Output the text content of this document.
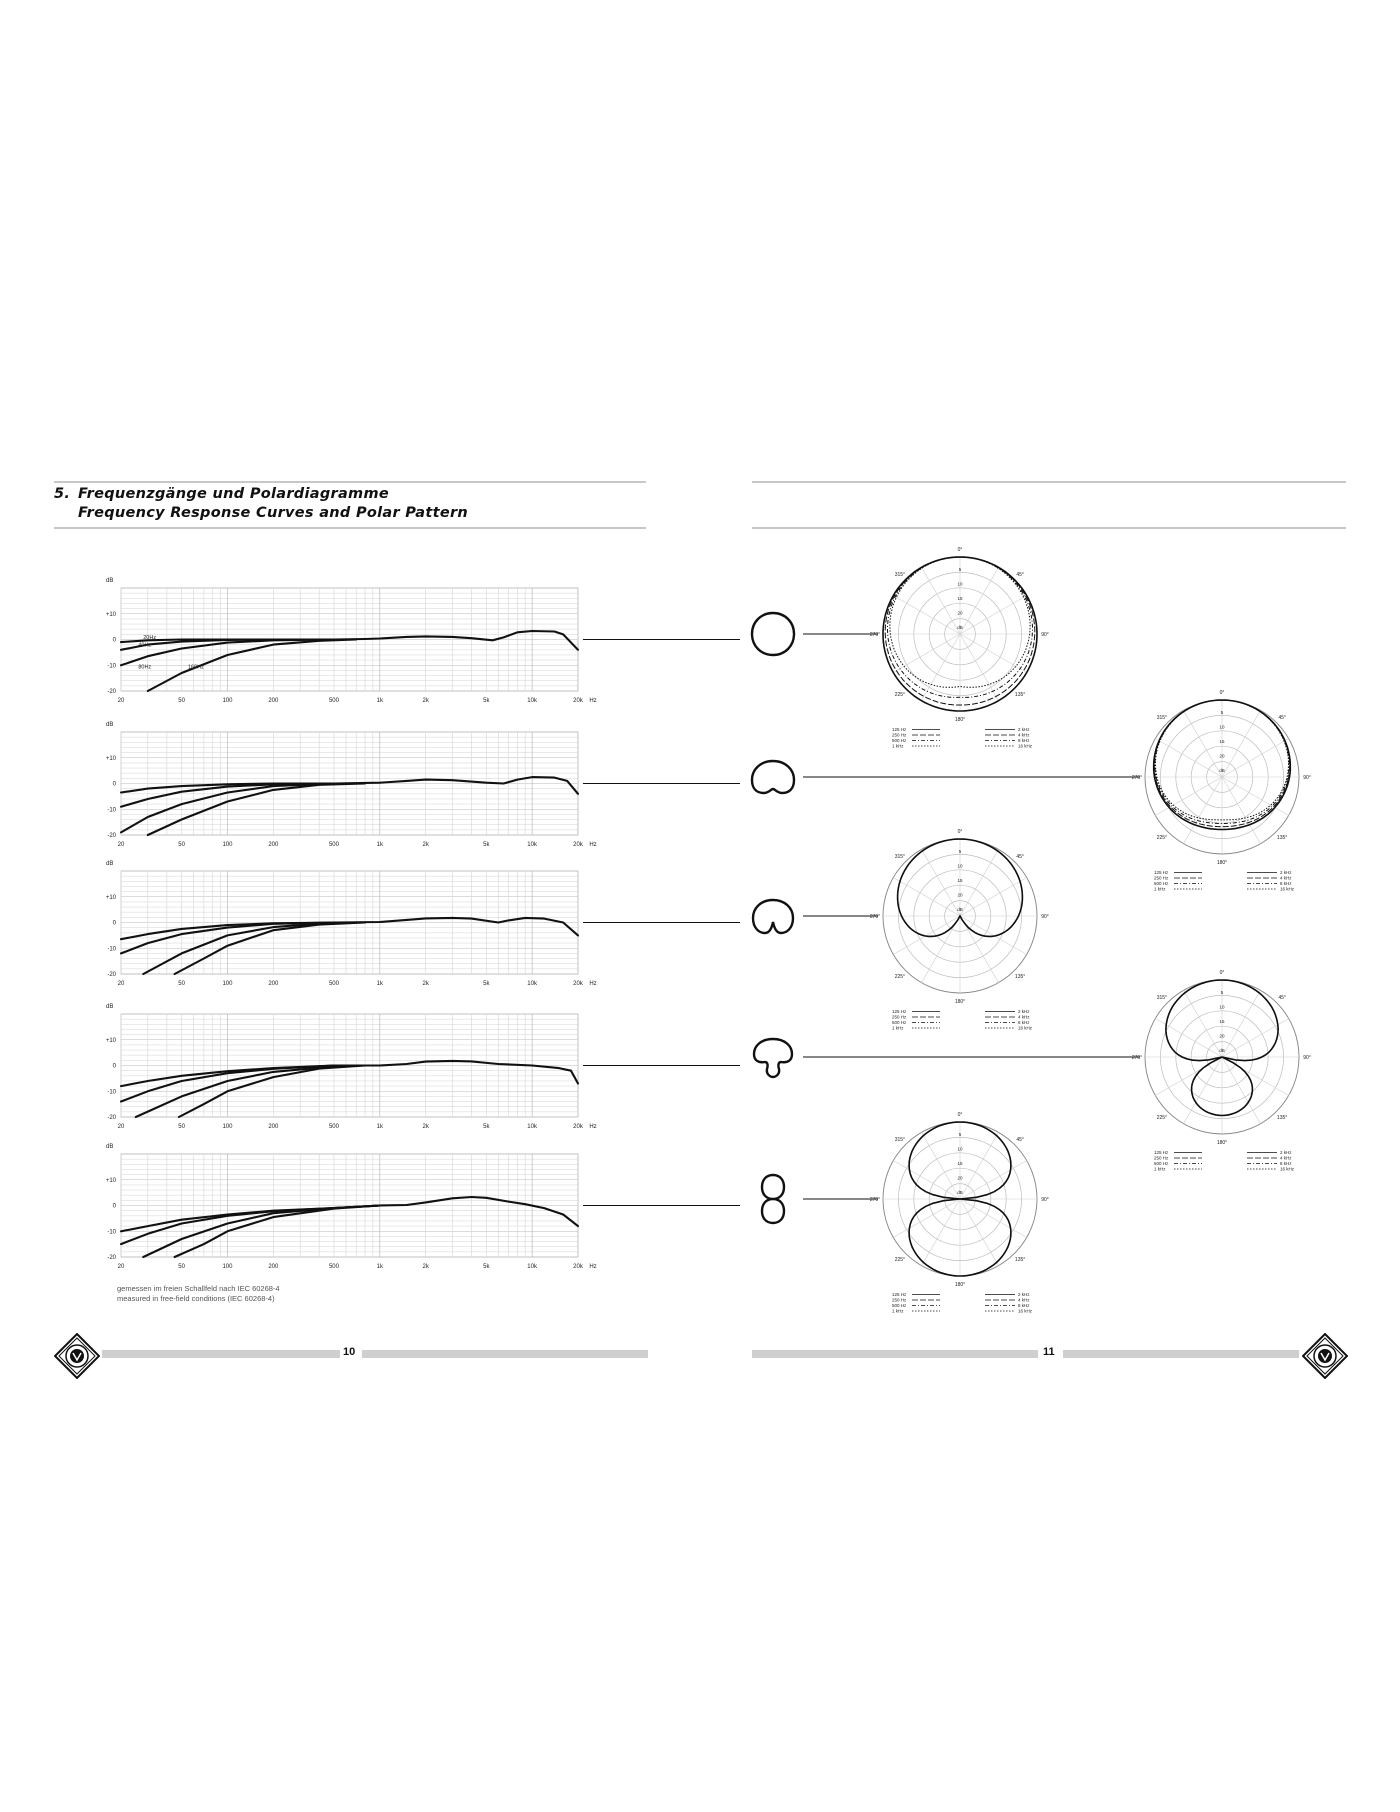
5. Frequenzgänge und Polardiagramme
Frequency Response Curves and Polar Pattern
dB
+10
0
-10
-20
20	50	100	200	500	1k	2k	5k	10k	20k Hz
20Hz
40Hz
80Hz	160Hz
dB
+10
0
-10
-20
20	50	100	200	500	1k	2k	5k	10k	20k Hz
dB
+10
0
-10
-20
20	50	100	200	500	1k	2k	5k	10k	20k Hz
dB
+10
0
-10
-20
20	50	100	200	500	1k	2k	5k	10k	20k Hz
dB
+10
0
-10
-20
20	50	100	200	500	1k	2k	5k	10k	20k Hz
0°
45°
90°
135°
180°
225°
270°
315°
5
10
15
20
dB
125 Hz
250 Hz
500 Hz
1 kHz
2 kHz
4 kHz
8 kHz
16 kHz
0°
45°
90°
135°
180°
225°
270°
315°
5
10
15
20
dB
125 Hz
250 Hz
500 Hz
1 kHz
2 kHz
4 kHz
8 kHz
16 kHz
0°
45°
90°
135°
180°
225°
270°
315°
5
10
15
20
dB
125 Hz
250 Hz
500 Hz
1 kHz
2 kHz
4 kHz
8 kHz
16 kHz
0°
45°
90°
135°
180°
225°
270°
315°
5
10
15
20
dB
125 Hz
250 Hz
500 Hz
1 kHz
2 kHz
4 kHz
8 kHz
16 kHz
0°
45°
90°
135°
180°
225°
270°
315°
5
10
15
20
dB
125 Hz
250 Hz
500 Hz
1 kHz
2 kHz
4 kHz
8 kHz
16 kHz
gemessen im freien Schallfeld nach IEC 60268-4
measured in free-field conditions (IEC 60268-4)
10	11
